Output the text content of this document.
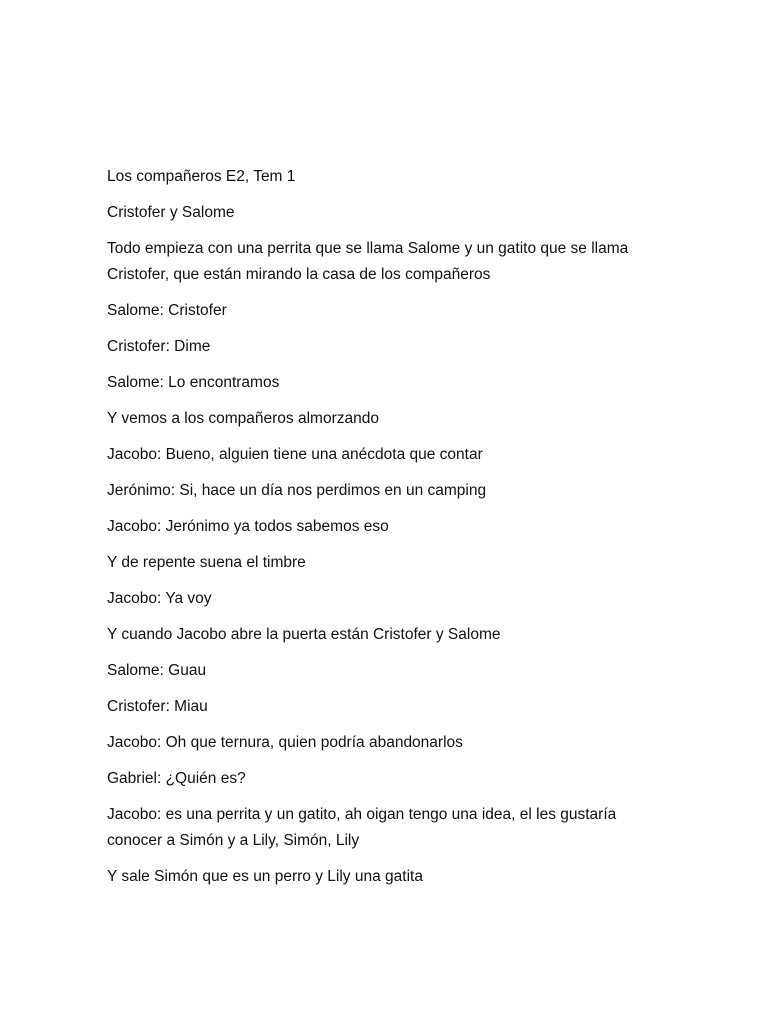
Los compañeros E2, Tem 1

Cristofer y Salome

Todo empieza con una perrita que se llama Salome y un gatito que se llama Cristofer, que están mirando la casa de los compañeros

Salome: Cristofer

Cristofer: Dime

Salome: Lo encontramos

Y vemos a los compañeros almorzando

Jacobo: Bueno, alguien tiene una anécdota que contar

Jerónimo: Si, hace un día nos perdimos en un camping

Jacobo: Jerónimo ya todos sabemos eso

Y de repente suena el timbre

Jacobo: Ya voy

Y cuando Jacobo abre la puerta están Cristofer y Salome

Salome: Guau

Cristofer: Miau

Jacobo: Oh que ternura, quien podría abandonarlos

Gabriel: ¿Quién es?

Jacobo: es una perrita y un gatito, ah oigan tengo una idea, el les gustaría conocer a Simón y a Lily, Simón, Lily

Y sale Simón que es un perro y Lily una gatita
